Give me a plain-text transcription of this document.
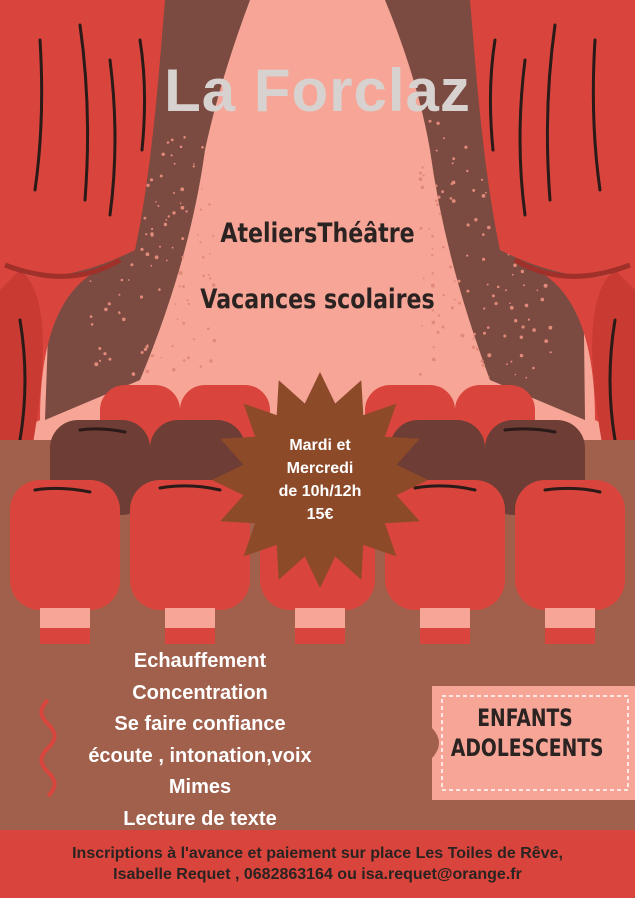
La Forclaz
AteliersThéâtre
Vacances scolaires
Mardi et
Mercredi
de 10h/12h
15€
Echauffement
Concentration
Se faire confiance
écoute , intonation,voix
Mimes
Lecture de texte
ENFANTS
ADOLESCENTS
Inscriptions à l'avance et paiement sur place Les Toiles de Rêve,
Isabelle Requet , 0682863164 ou isa.requet@orange.fr
